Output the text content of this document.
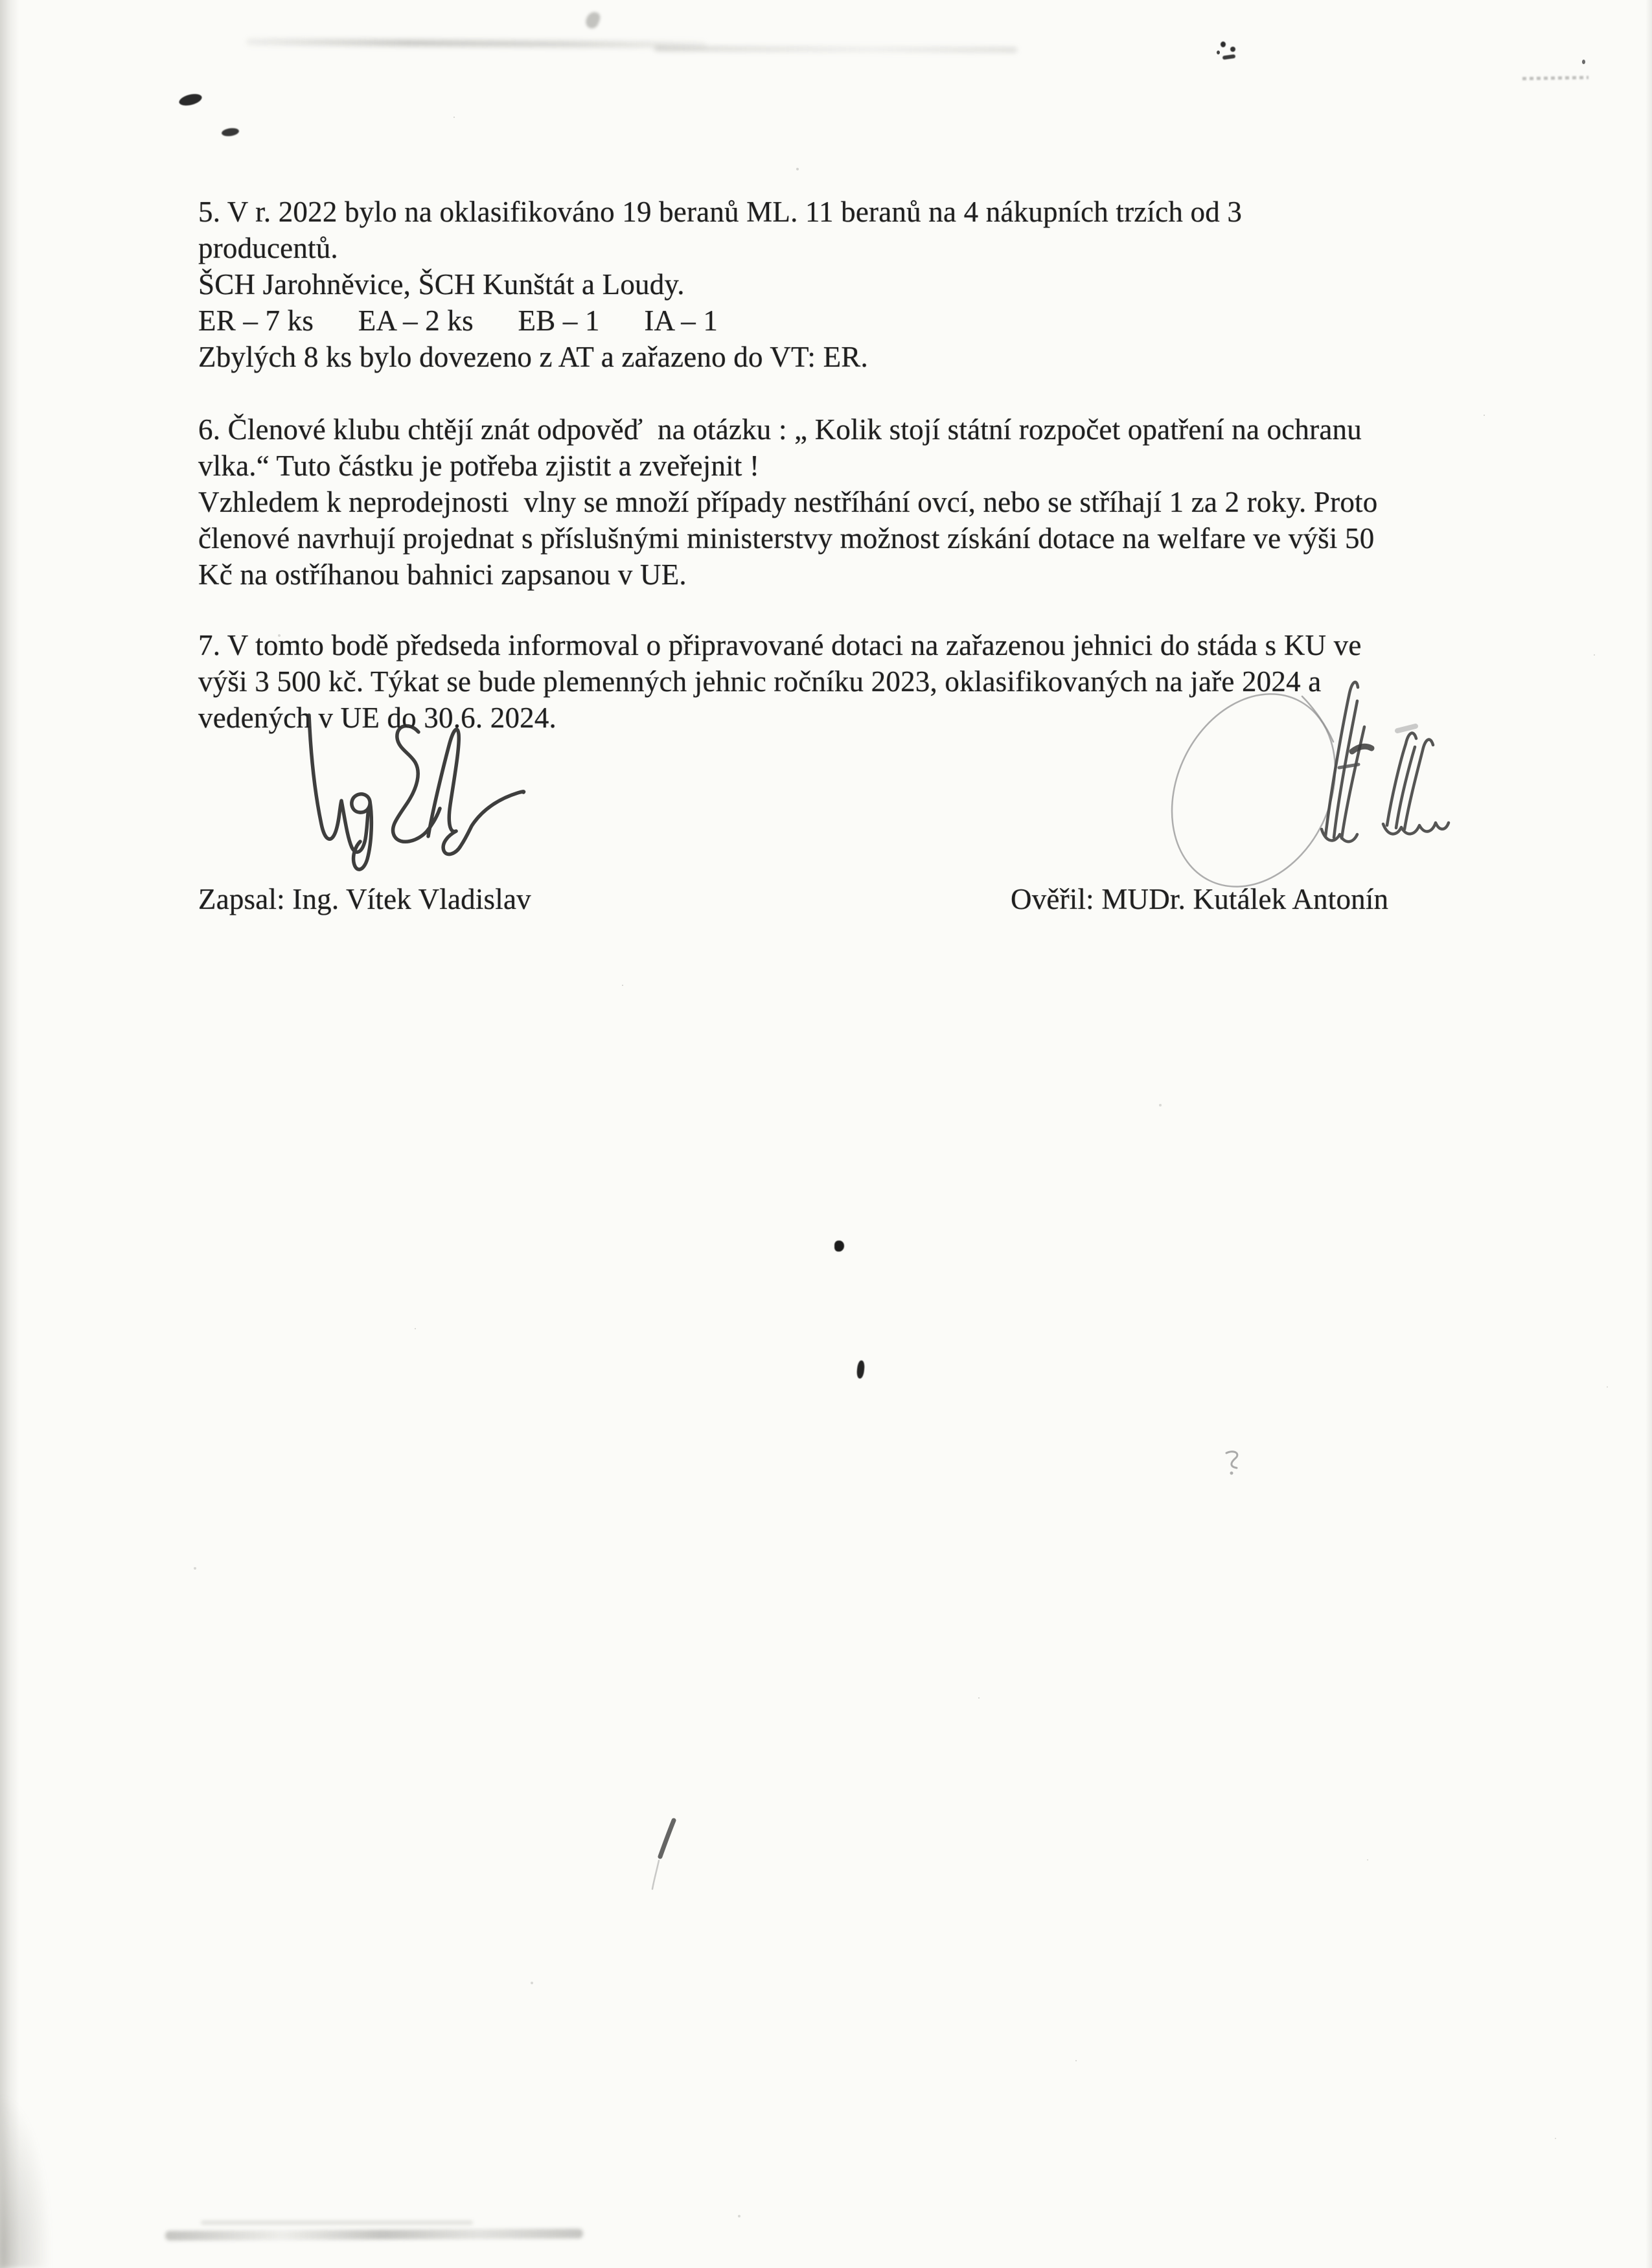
5. V r. 2022 bylo na oklasifikováno 19 beranů ML. 11 beranů na 4 nákupních trzích od 3
producentů.
ŠCH Jarohněvice, ŠCH Kunštát a Loudy.
ER – 7 ks      EA – 2 ks      EB – 1      IA – 1
Zbylých 8 ks bylo dovezeno z AT a zařazeno do VT: ER.
6. Členové klubu chtějí znát odpověď  na otázku : „ Kolik stojí státní rozpočet opatření na ochranu
vlka.“ Tuto částku je potřeba zjistit a zveřejnit !
Vzhledem k neprodejnosti  vlny se množí případy nestříhání ovcí, nebo se stříhají 1 za 2 roky. Proto
členové navrhují projednat s příslušnými ministerstvy možnost získání dotace na welfare ve výši 50
Kč na ostříhanou bahnici zapsanou v UE.
7. V tomto bodě předseda informoval o připravované dotaci na zařazenou jehnici do stáda s KU ve
výši 3 500 kč. Týkat se bude plemenných jehnic ročníku 2023, oklasifikovaných na jaře 2024 a
vedených v UE do 30.6. 2024.
Zapsal: Ing. Vítek Vladislav	Ověřil: MUDr. Kutálek Antonín
